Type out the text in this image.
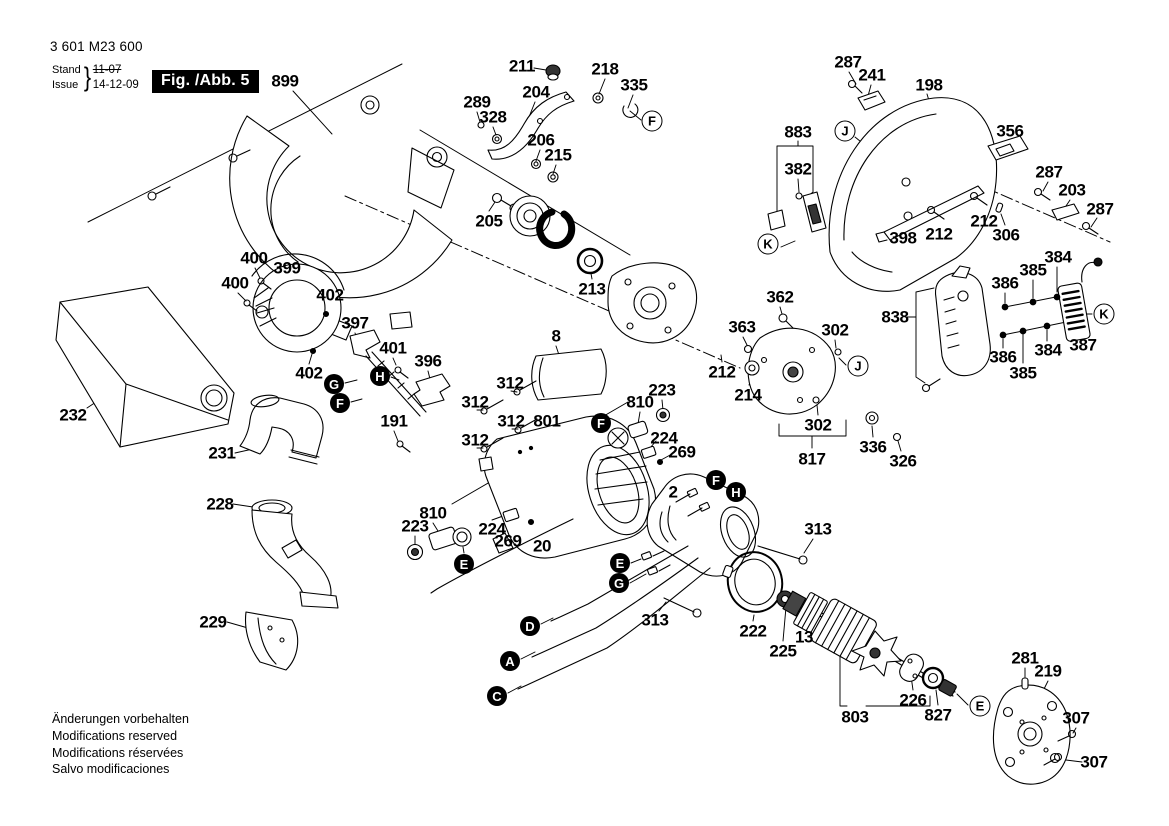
3 601 M23 600
Stand
Issue } 11-07
14-12-09	Fig. /Abb. 5	899
211	218
335
204
289
328
206
215
205
213
8
287
241
198
883
382
356
287
203
287
398 212
212
306
362
363	302
212
214
302
817
336
326
838
384
385
386
387
386 384
385
400
400
399
402
397
401
396
402
191
312
312
312
312
801
810
223
224
269
2
232
231
228
229
223
810
224
269 20
313
313
222
225
13
803
226
827
281
219
307
307
F
J
K
J
K
E
G
H
F
F
E	E
G
F
H
D
A
C
Änderungen vorbehalten
Modifications reserved
Modifications réservées
Salvo modificaciones
